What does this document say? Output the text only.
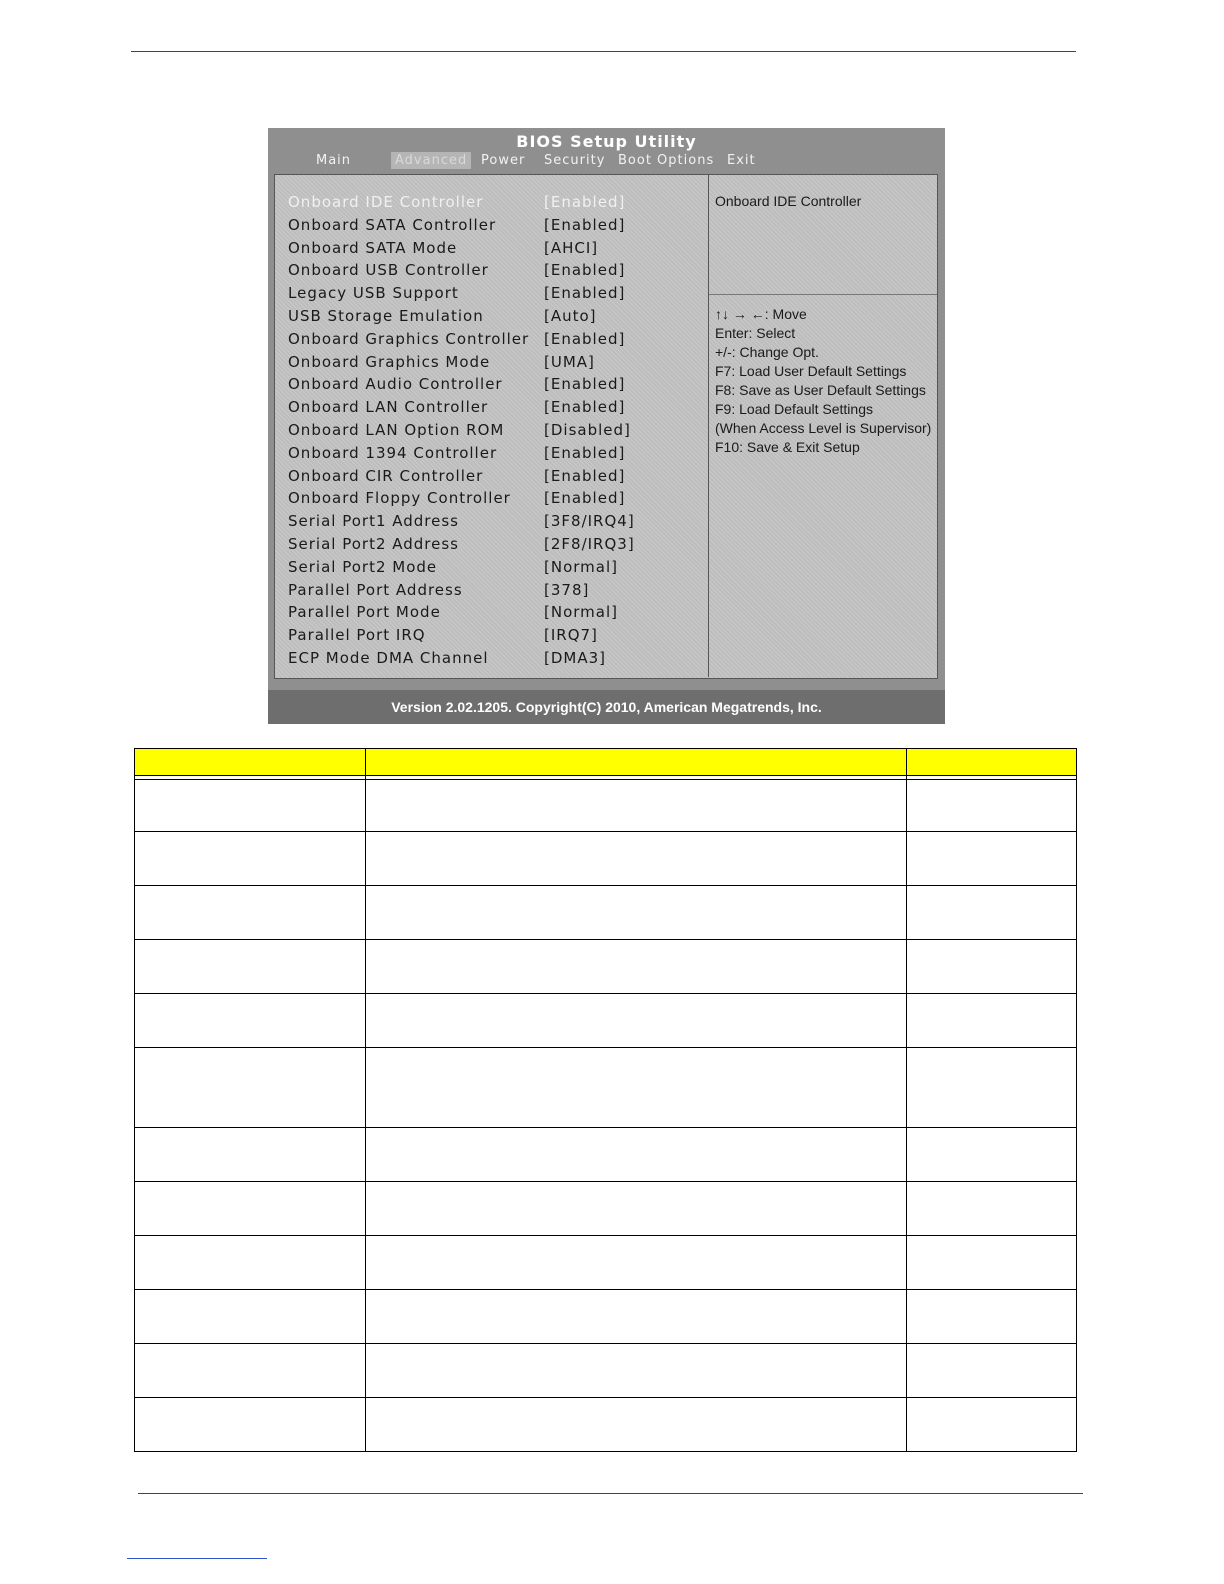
BIOS Setup Utility
Main	Advanced	Power	Security Boot Options Exit
Onboard IDE Controller	[Enabled]
Onboard SATA Controller	[Enabled]
Onboard SATA Mode	[AHCI]
Onboard USB Controller	[Enabled]
Legacy USB Support	[Enabled]
USB Storage Emulation	[Auto]
Onboard Graphics Controller [Enabled]
Onboard Graphics Mode	[UMA]
Onboard Audio Controller	[Enabled]
Onboard LAN Controller	[Enabled]
Onboard LAN Option ROM	[Disabled]
Onboard 1394 Controller	[Enabled]
Onboard CIR Controller	[Enabled]
Onboard Floppy Controller [Enabled]
Serial Port1 Address	[3F8/IRQ4]
Serial Port2 Address	[2F8/IRQ3]
Serial Port2 Mode	[Normal]
Parallel Port Address	[378]
Parallel Port Mode	[Normal]
Parallel Port IRQ	[IRQ7]
ECP Mode DMA Channel	[DMA3]
Onboard IDE Controller
↑↓ → ←: Move
Enter: Select
+/-: Change Opt.
F7: Load User Default Settings
F8: Save as User Default Settings
F9: Load Default Settings
(When Access Level is Supervisor)
F10: Save & Exit Setup
Version 2.02.1205. Copyright(C) 2010, American Megatrends, Inc.
